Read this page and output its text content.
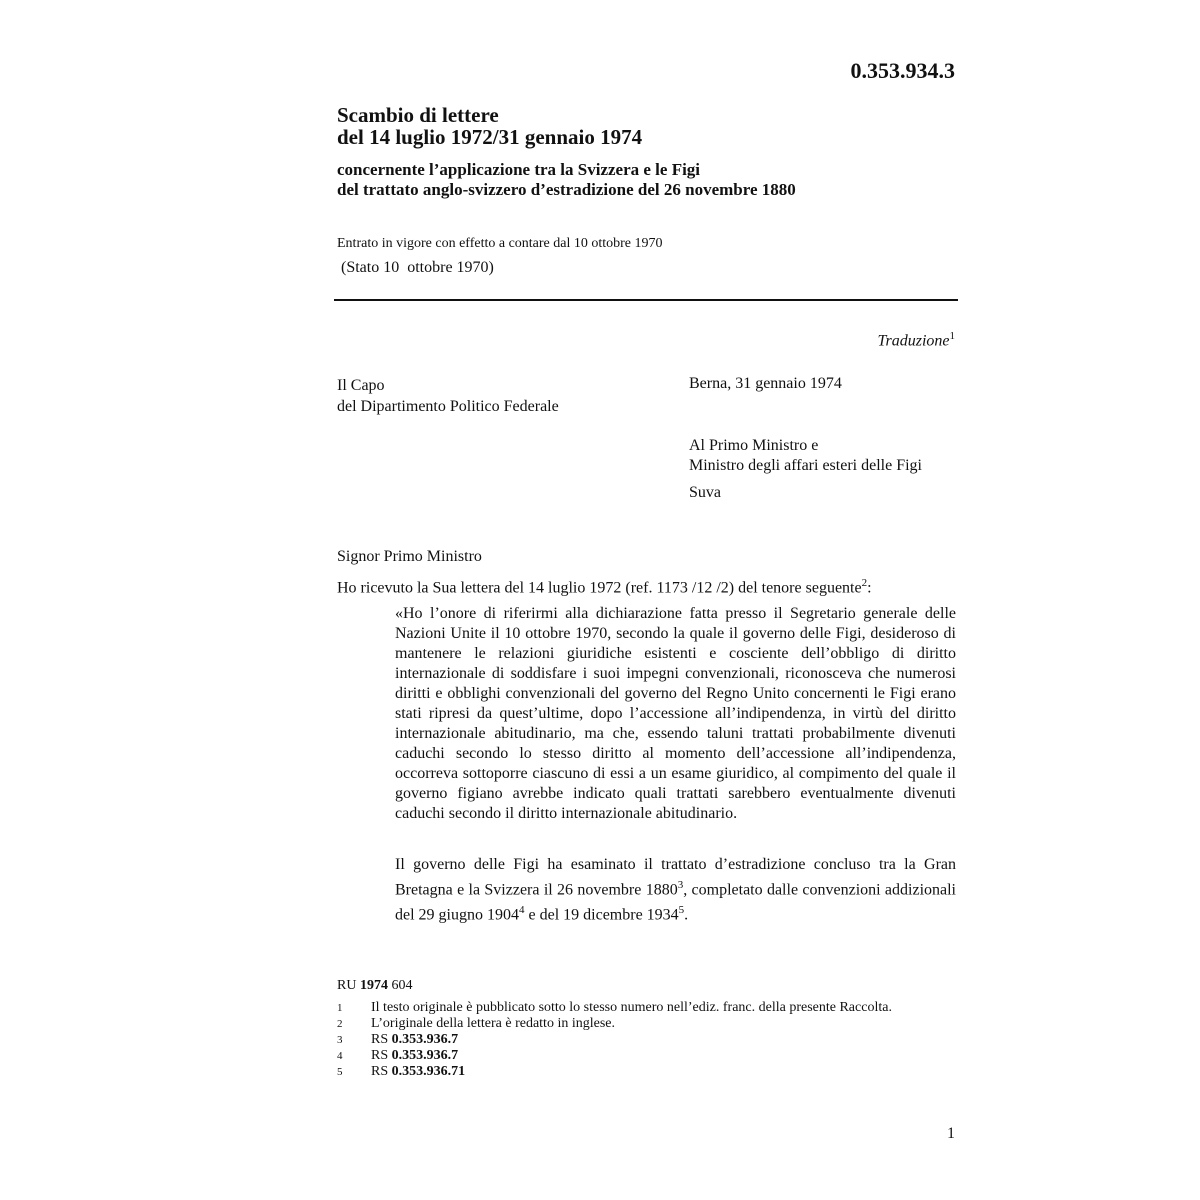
0.353.934.3
Scambio di lettere
del 14 luglio 1972/31 gennaio 1974
concernente l’applicazione tra la Svizzera e le Figi
del trattato anglo-svizzero d’estradizione del 26 novembre 1880
Entrato in vigore con effetto a contare dal 10 ottobre 1970
(Stato 10  ottobre 1970)
Traduzione$^1$
Il Capo
del Dipartimento Politico Federale
Berna, 31 gennaio 1974
Al Primo Ministro e
Ministro degli affari esteri delle Figi
Suva
Signor Primo Ministro
Ho ricevuto la Sua lettera del 14 luglio 1972 (ref. 1173 /12 /2) del tenore seguente$^2$:

«Ho l’onore di riferirmi alla dichiarazione fatta presso il Segretario generale delle Nazioni Unite il 10 ottobre 1970, secondo la quale il governo delle Figi, desideroso di mantenere le relazioni giuridiche esistenti e cosciente dell’obbligo di diritto internazionale di soddisfare i suoi impegni convenzionali, riconosceva che numerosi diritti e obblighi convenzionali del governo del Regno Unito concernenti le Figi erano stati ripresi da quest’ultime, dopo l’accessione all’indipendenza, in virtù del diritto internazionale abitudinario, ma che, essendo taluni trattati probabilmente divenuti caduchi secondo lo stesso diritto al momento dell’accessione all’indipendenza, occorreva sottoporre ciascuno di essi a un esame giuridico, al compimento del quale il governo figiano avrebbe indicato quali trattati sarebbero eventualmente divenuti caduchi secondo il diritto internazionale abitudinario.

Il governo delle Figi ha esaminato il trattato d’estradizione concluso tra la Gran Bretagna e la Svizzera il 26 novembre 1880$^3$, completato dalle convenzioni addizionali del 29 giugno 1904$^4$ e del 19 dicembre 1934$^5$.

RU 1974 604
1	Il testo originale è pubblicato sotto lo stesso numero nell’ediz. franc. della presente Raccolta.
2	L’originale della lettera è redatto in inglese.
3	RS 0.353.936.7
4	RS 0.353.936.7
5	RS 0.353.936.71
1
